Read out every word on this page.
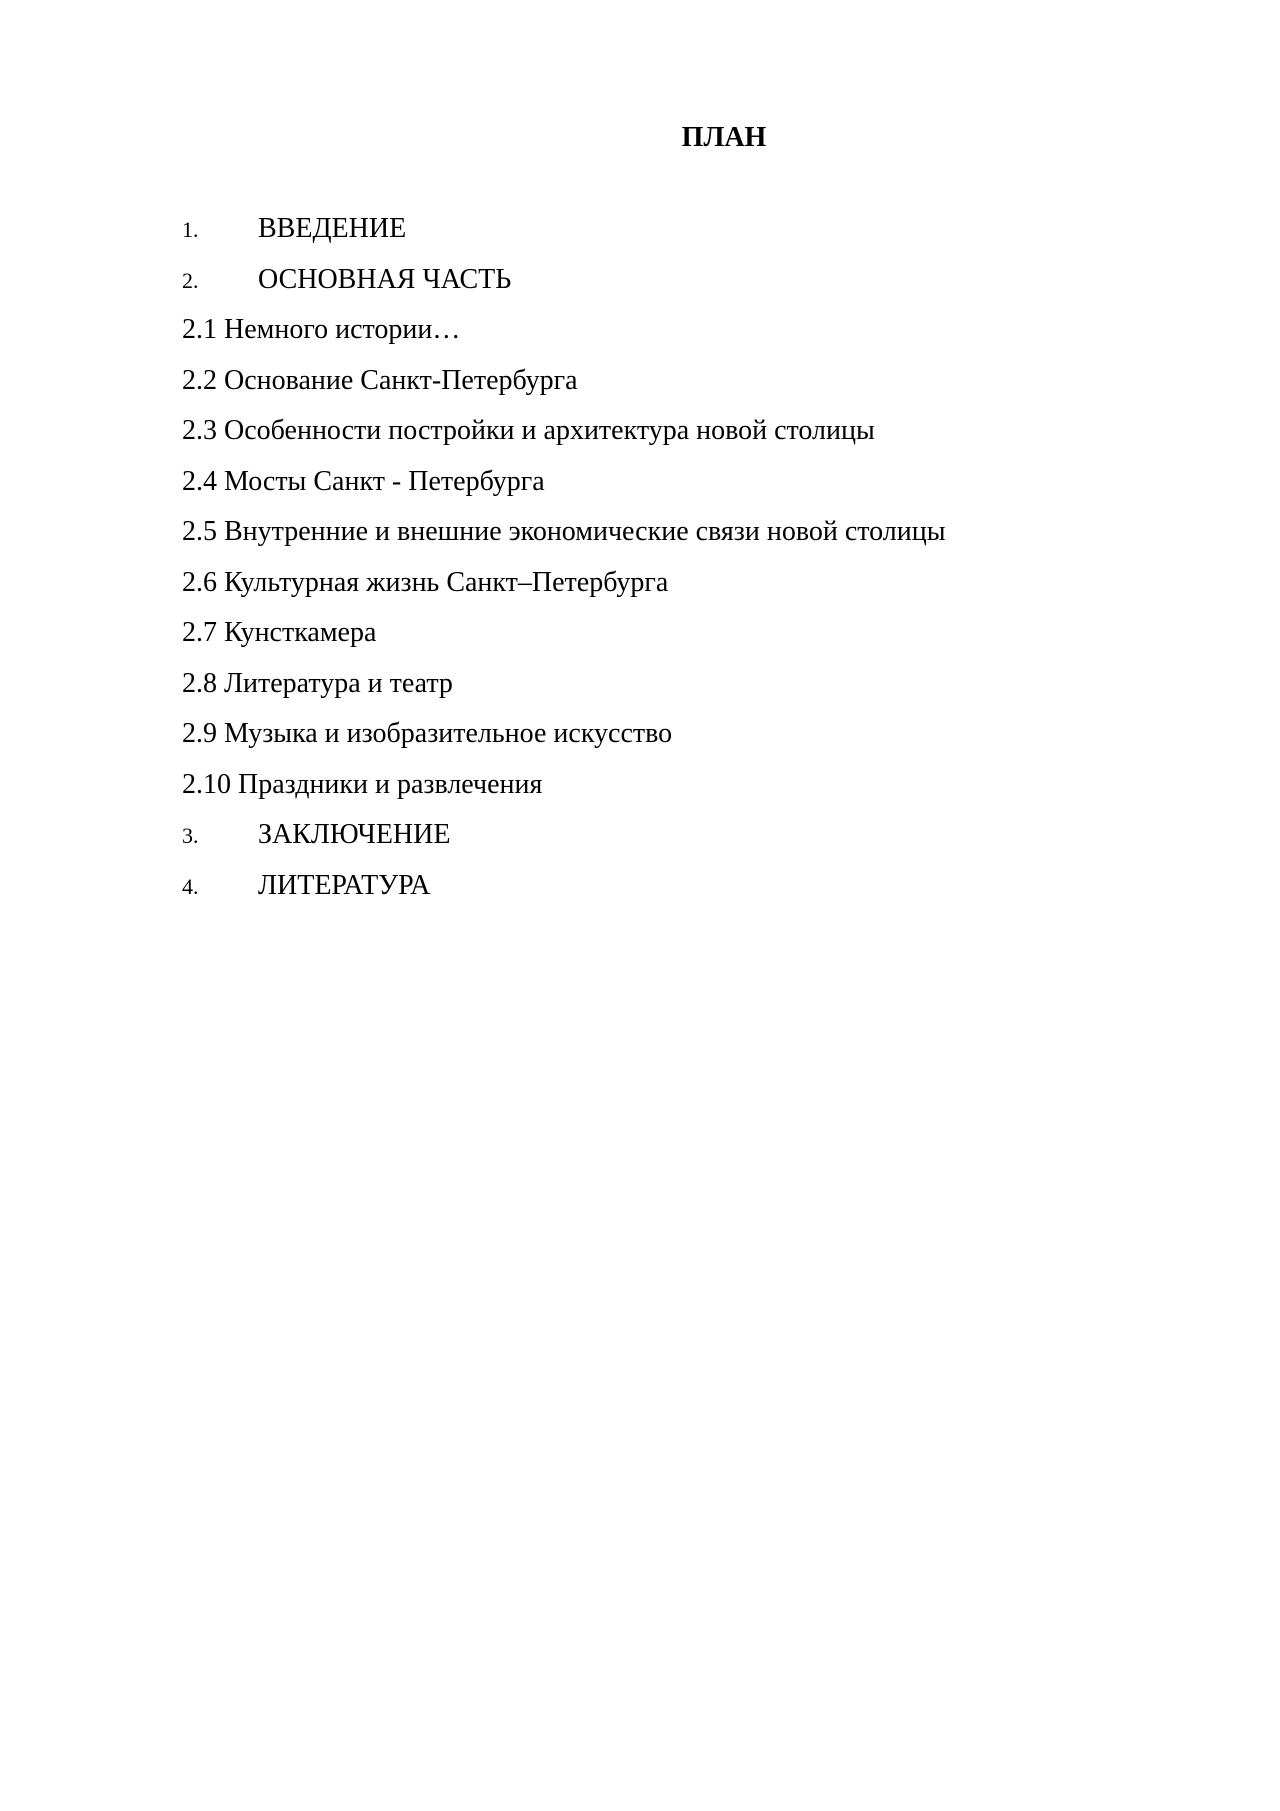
ПЛАН
1. ВВЕДЕНИЕ
2. ОСНОВНАЯ ЧАСТЬ
2.1 Немного истории…
2.2 Основание Санкт-Петербурга
2.3 Особенности постройки и архитектура новой столицы
2.4 Мосты Санкт - Петербурга
2.5 Внутренние и внешние экономические связи новой столицы
2.6 Культурная жизнь Санкт–Петербурга
2.7 Кунсткамера
2.8 Литература и театр
2.9 Музыка и изобразительное искусство
2.10 Праздники и развлечения
3. ЗАКЛЮЧЕНИЕ
4. ЛИТЕРАТУРА
